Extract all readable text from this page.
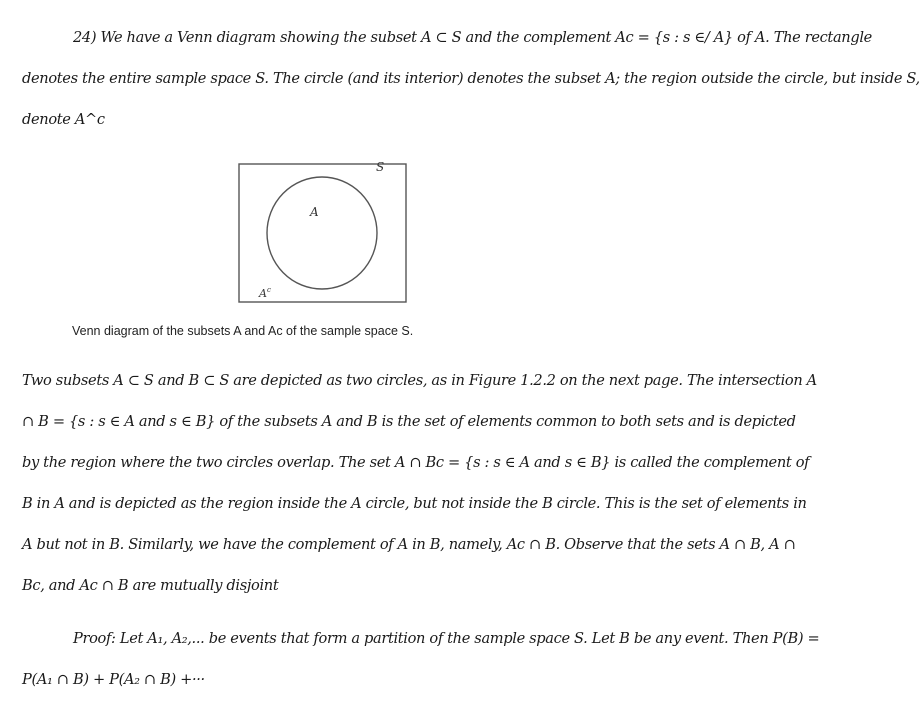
24) We have a Venn diagram showing the subset A ⊂ S and the complement Ac = {s : s ∈/ A} of A. The rectangle
denotes the entire sample space S. The circle (and its interior) denotes the subset A; the region outside the circle, but inside S,
denote A^c
S
A
$A^c$

Venn diagram of the subsets A and Ac of the sample space S.

Two subsets A ⊂ S and B ⊂ S are depicted as two circles, as in Figure 1.2.2 on the next page. The intersection A
∩ B = {s : s ∈ A and s ∈ B} of the subsets A and B is the set of elements common to both sets and is depicted
by the region where the two circles overlap. The set A ∩ Bc = {s : s ∈ A and s ∈ B} is called the complement of
B in A and is depicted as the region inside the A circle, but not inside the B circle. This is the set of elements in
A but not in B. Similarly, we have the complement of A in B, namely, Ac ∩ B. Observe that the sets A ∩ B, A ∩
Bc, and Ac ∩ B are mutually disjoint
Proof: Let A₁, A₂,... be events that form a partition of the sample space S. Let B be any event. Then P(B) =
P(A₁ ∩ B) + P(A₂ ∩ B) +···
